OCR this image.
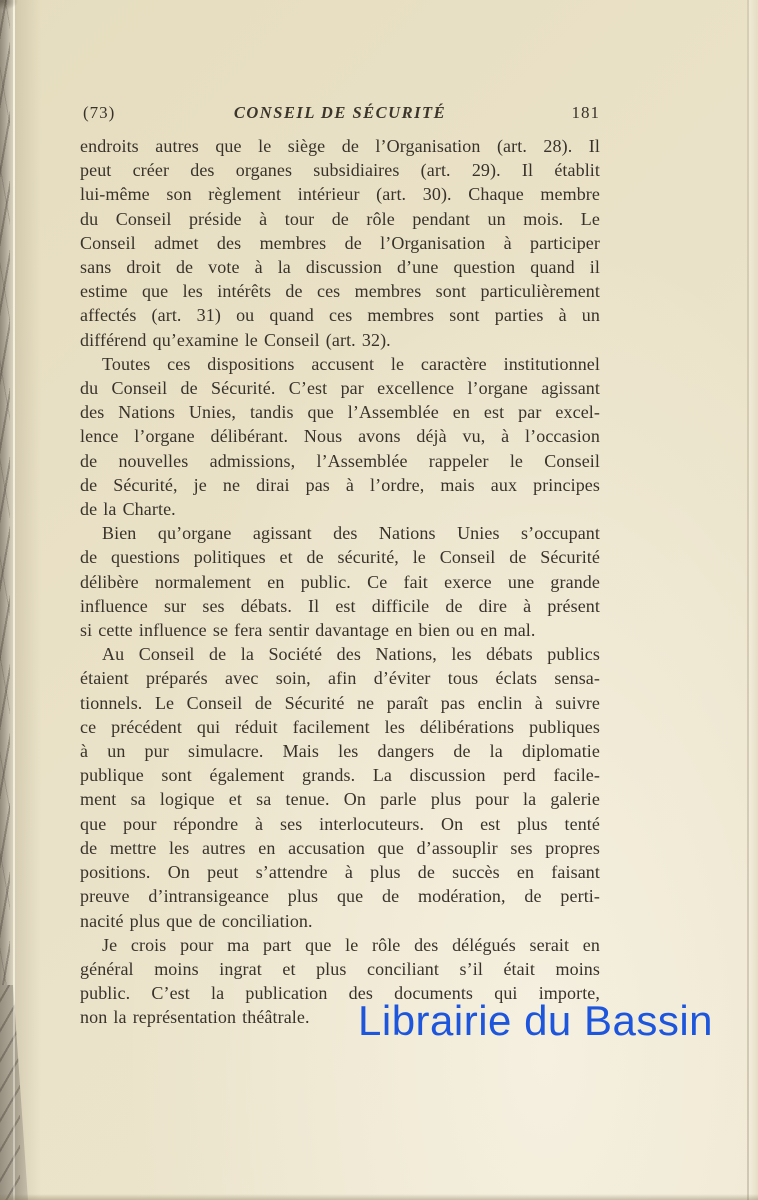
(73)	CONSEIL DE SÉCURITÉ	181
endroits autres que le siège de l’Organisation (art. 28). Il
peut créer des organes subsidiaires (art. 29). Il établit
lui-même son règlement intérieur (art. 30). Chaque membre
du Conseil préside à tour de rôle pendant un mois. Le
Conseil admet des membres de l’Organisation à participer
sans droit de vote à la discussion d’une question quand il
estime que les intérêts de ces membres sont particulièrement
affectés (art. 31) ou quand ces membres sont parties à un
différend qu’examine le Conseil (art. 32).
Toutes ces dispositions accusent le caractère institutionnel
du Conseil de Sécurité. C’est par excellence l’organe agissant
des Nations Unies, tandis que l’Assemblée en est par excel-
lence l’organe délibérant. Nous avons déjà vu, à l’occasion
de nouvelles admissions, l’Assemblée rappeler le Conseil
de Sécurité, je ne dirai pas à l’ordre, mais aux principes
de la Charte.
Bien qu’organe agissant des Nations Unies s’occupant
de questions politiques et de sécurité, le Conseil de Sécurité
délibère normalement en public. Ce fait exerce une grande
influence sur ses débats. Il est difficile de dire à présent
si cette influence se fera sentir davantage en bien ou en mal.
Au Conseil de la Société des Nations, les débats publics
étaient préparés avec soin, afin d’éviter tous éclats sensa-
tionnels. Le Conseil de Sécurité ne paraît pas enclin à suivre
ce précédent qui réduit facilement les délibérations publiques
à un pur simulacre. Mais les dangers de la diplomatie
publique sont également grands. La discussion perd facile-
ment sa logique et sa tenue. On parle plus pour la galerie
que pour répondre à ses interlocuteurs. On est plus tenté
de mettre les autres en accusation que d’assouplir ses propres
positions. On peut s’attendre à plus de succès en faisant
preuve d’intransigeance plus que de modération, de perti-
nacité plus que de conciliation.
Je crois pour ma part que le rôle des délégués serait en
général moins ingrat et plus conciliant s’il était moins
public. C’est la publication des documents qui importe,
non la représentation théâtrale.	Librairie du Bassin
